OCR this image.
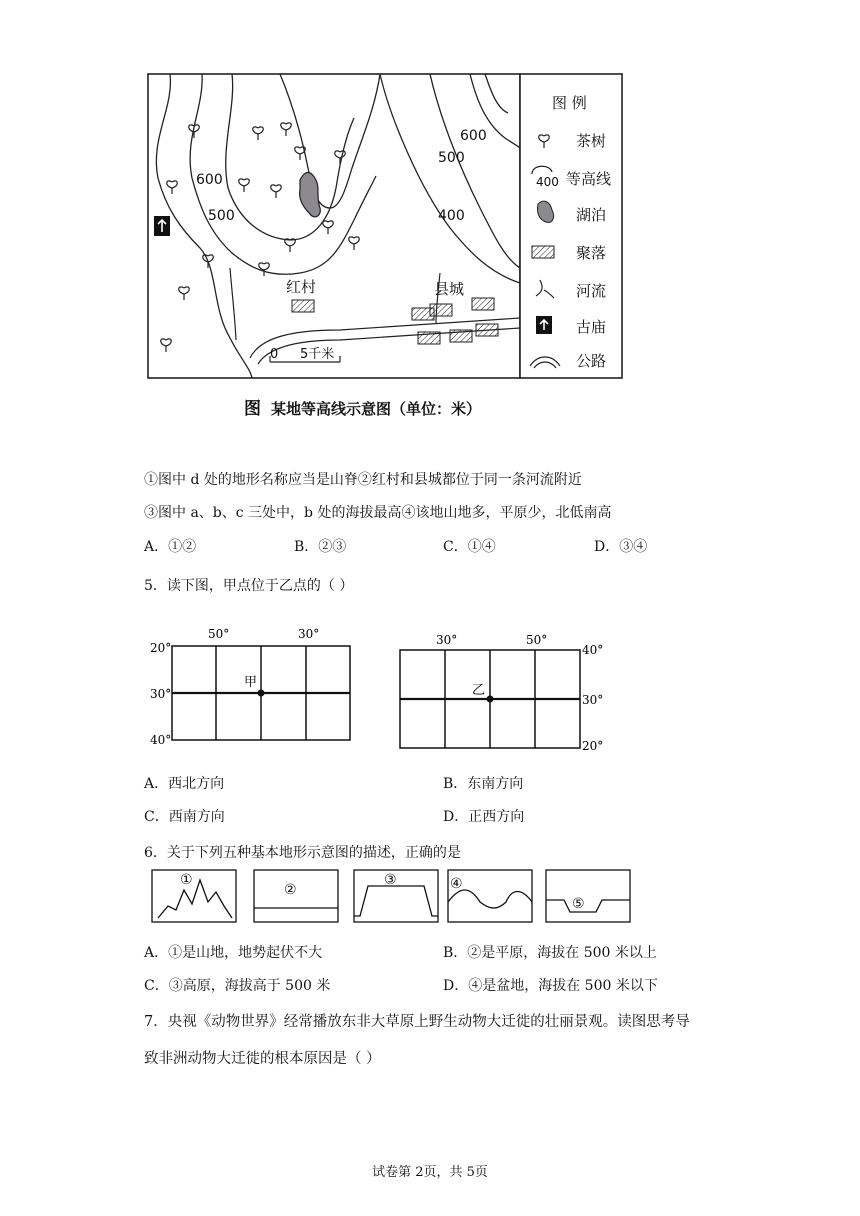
600
500
600
500
400
红村	县城
0 5千米
图 例
茶树
400 等高线
湖泊
聚落
河流
古庙
公路
图 某地等高线示意图（单位：米）
①图中 d 处的地形名称应当是山脊②红村和县城都位于同一条河流附近
③图中 a、b、c 三处中，b 处的海拔最高④该地山地多，平原少，北低南高
A．①②	B．②③	C．①④	D．③④
5．读下图，甲点位于乙点的（ ）
50°	30°
20°
30°
40°
甲
30°	50°
40°
30°
20°
乙
A．西北方向	B．东南方向
C．西南方向	D．正西方向
6．关于下列五种基本地形示意图的描述，正确的是
①
②
③	④
⑤
A．①是山地，地势起伏不大	B．②是平原，海拔在 500 米以上
C．③高原，海拔高于 500 米	D．④是盆地，海拔在 500 米以下
7．央视《动物世界》经常播放东非大草原上野生动物大迁徙的壮丽景观。读图思考导
致非洲动物大迁徙的根本原因是（ ）
试卷第 2页，共 5页
